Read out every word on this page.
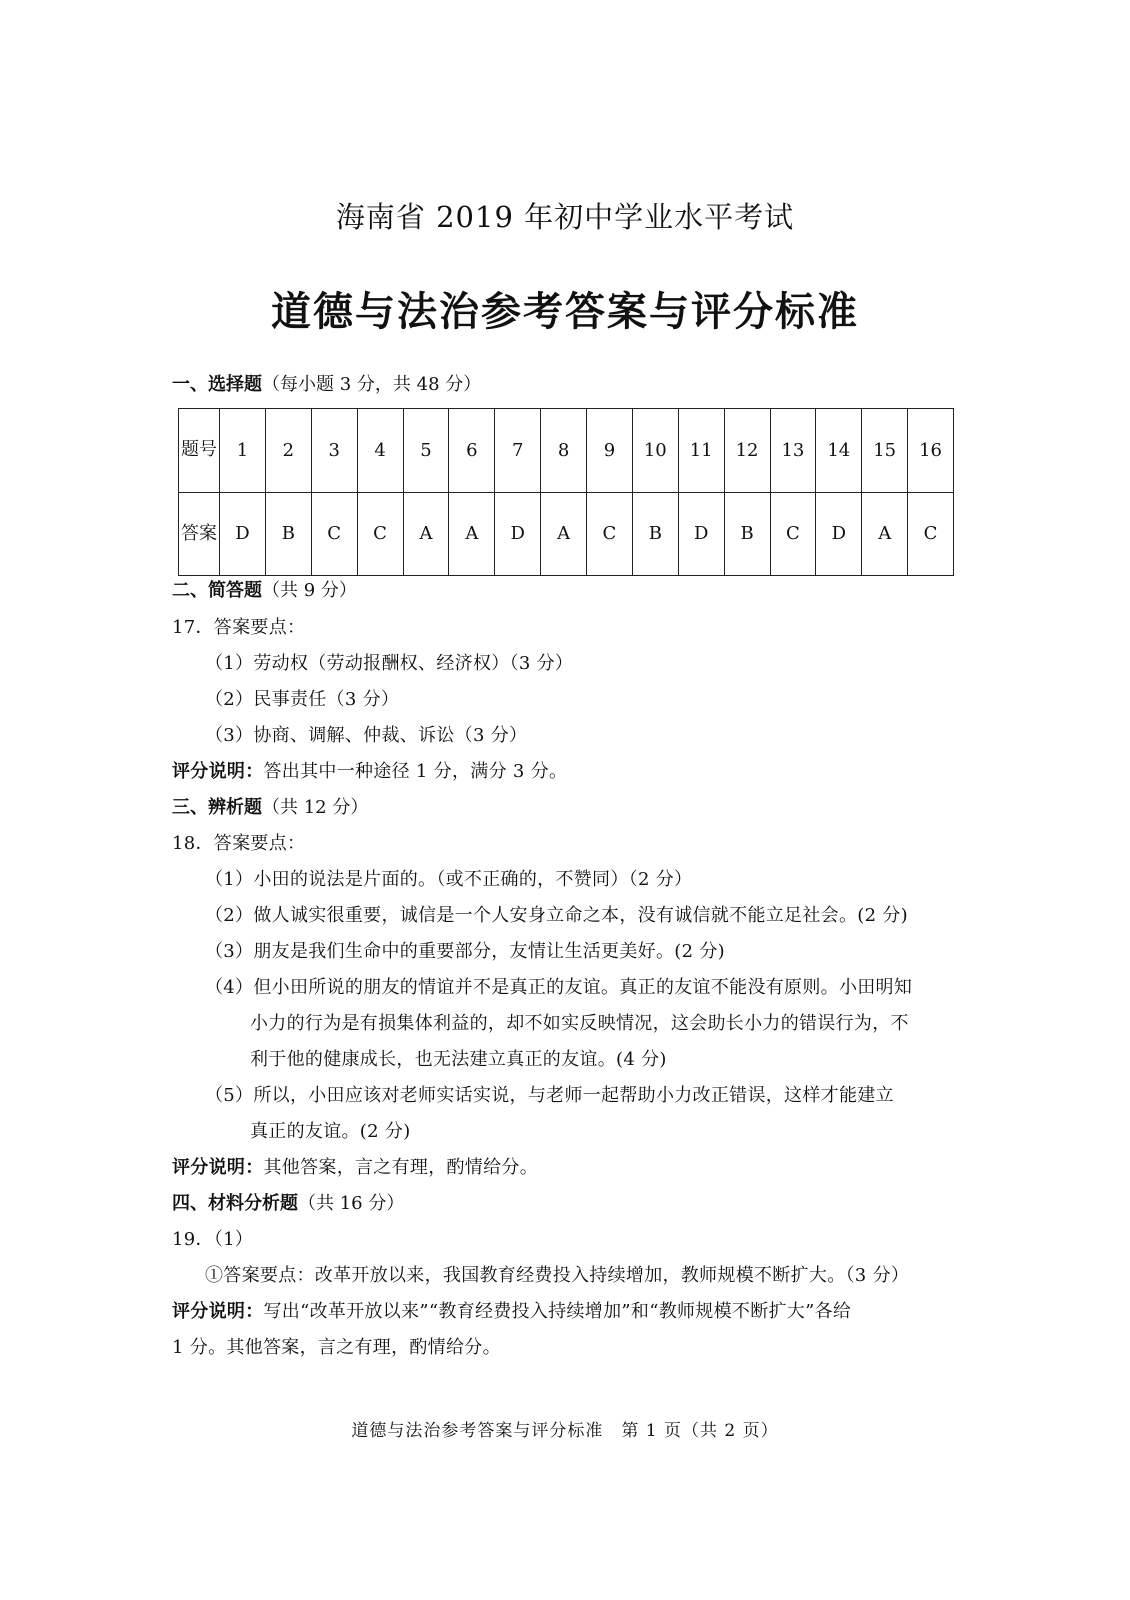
海南省 2019 年初中学业水平考试
道德与法治参考答案与评分标准
一、选择题（每小题 3 分，共 48 分）
题号	1	2	3	4	5	6	7	8	9	10	11	12	13	14	15	16
答案	D	B	C	C	A	A	D	A	C	B	D	B	C	D	A	C
二、简答题（共 9 分）
17．答案要点：
（1）劳动权（劳动报酬权、经济权）（3 分）
（2）民事责任（3 分）
（3）协商、调解、仲裁、诉讼（3 分）
评分说明：答出其中一种途径 1 分，满分 3 分。
三、辨析题（共 12 分）
18．答案要点：
（1）小田的说法是片面的。（或不正确的，不赞同）（2 分）
（2）做人诚实很重要，诚信是一个人安身立命之本，没有诚信就不能立足社会。(2 分)
（3）朋友是我们生命中的重要部分，友情让生活更美好。(2 分)
（4）但小田所说的朋友的情谊并不是真正的友谊。真正的友谊不能没有原则。小田明知
小力的行为是有损集体利益的，却不如实反映情况，这会助长小力的错误行为，不
利于他的健康成长，也无法建立真正的友谊。(4 分)
（5）所以，小田应该对老师实话实说，与老师一起帮助小力改正错误，这样才能建立
真正的友谊。(2 分)
评分说明：其他答案，言之有理，酌情给分。
四、材料分析题（共 16 分）
19．（1）
①答案要点：改革开放以来，我国教育经费投入持续增加，教师规模不断扩大。（3 分）
评分说明：写出“改革开放以来”“教育经费投入持续增加”和“教师规模不断扩大”各给
1 分。其他答案，言之有理，酌情给分。
道德与法治参考答案与评分标准　第 1 页（共 2 页）
